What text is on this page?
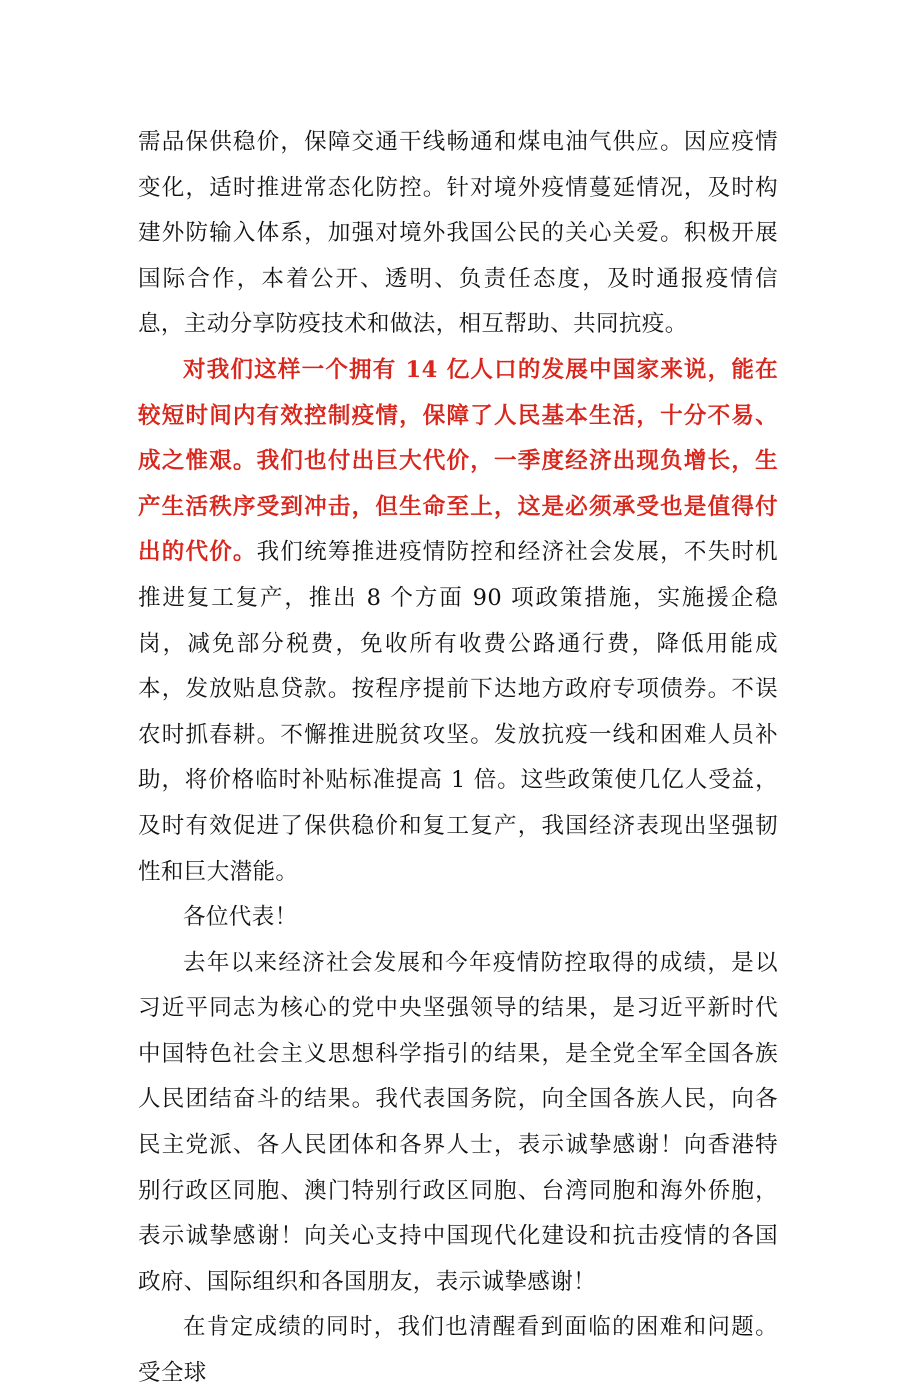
需品保供稳价，保障交通干线畅通和煤电油气供应。因应疫情变化，适时推进常态化防控。针对境外疫情蔓延情况，及时构建外防输入体系，加强对境外我国公民的关心关爱。积极开展国际合作，本着公开、透明、负责任态度，及时通报疫情信息，主动分享防疫技术和做法，相互帮助、共同抗疫。

对我们这样一个拥有 14 亿人口的发展中国家来说，能在较短时间内有效控制疫情，保障了人民基本生活，十分不易、成之惟艰。我们也付出巨大代价，一季度经济出现负增长，生产生活秩序受到冲击，但生命至上，这是必须承受也是值得付出的代价。我们统筹推进疫情防控和经济社会发展，不失时机推进复工复产，推出 8 个方面 90 项政策措施，实施援企稳岗，减免部分税费，免收所有收费公路通行费，降低用能成本，发放贴息贷款。按程序提前下达地方政府专项债券。不误农时抓春耕。不懈推进脱贫攻坚。发放抗疫一线和困难人员补助，将价格临时补贴标准提高 1 倍。这些政策使几亿人受益，及时有效促进了保供稳价和复工复产，我国经济表现出坚强韧性和巨大潜能。

各位代表！

去年以来经济社会发展和今年疫情防控取得的成绩，是以习近平同志为核心的党中央坚强领导的结果，是习近平新时代中国特色社会主义思想科学指引的结果，是全党全军全国各族人民团结奋斗的结果。我代表国务院，向全国各族人民，向各民主党派、各人民团体和各界人士，表示诚挚感谢！向香港特别行政区同胞、澳门特别行政区同胞、台湾同胞和海外侨胞，表示诚挚感谢！向关心支持中国现代化建设和抗击疫情的各国政府、国际组织和各国朋友，表示诚挚感谢！

在肯定成绩的同时，我们也清醒看到面临的困难和问题。受全球
